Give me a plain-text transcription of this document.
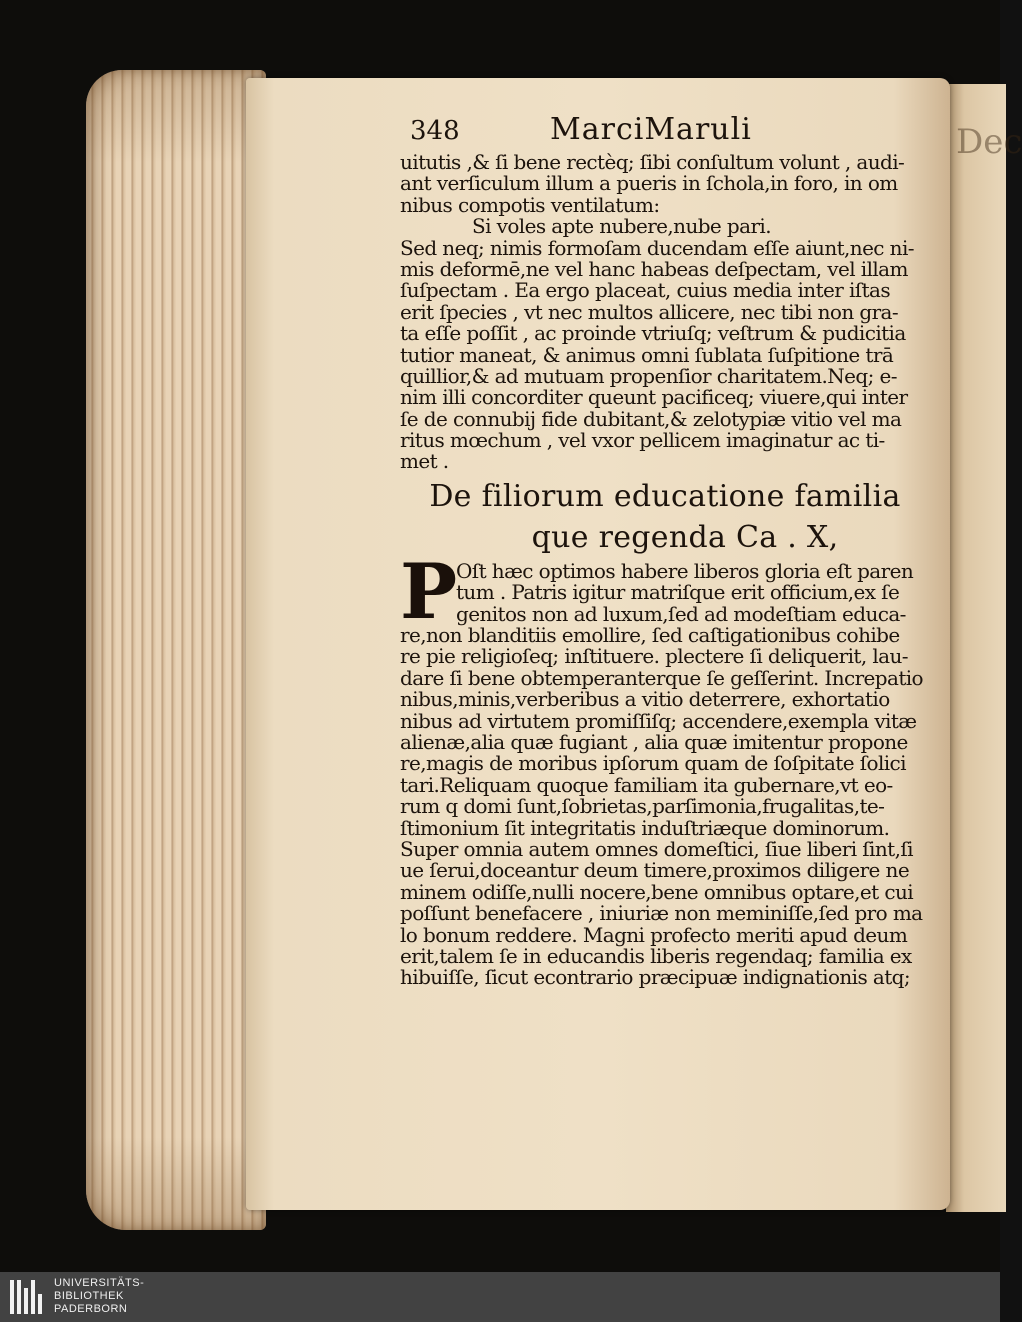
Dec
348	MarciMaruli
uitutis ,& ſi bene rectèq; ſibi conſultum volunt , audi-
ant verſiculum illum a pueris in ſchola,in foro, in om
nibus compotis ventilatum:
Si voles apte nubere,nube pari.
Sed neq; nimis formoſam ducendam eſſe aiunt,nec ni-
mis deformē,ne vel hanc habeas deſpectam, vel illam
ſuſpectam . Ea ergo placeat, cuius media inter iſtas
erit ſpecies , vt nec multos allicere, nec tibi non gra-
ta eſſe poſſit , ac proinde vtriuſq; veſtrum & pudicitia
tutior maneat, & animus omni ſublata ſuſpitione trā
quillior,& ad mutuam propenſior charitatem.Neq; e-
nim illi concorditer queunt pacificeq; viuere,qui inter
ſe de connubij fide dubitant,& zelotypiæ vitio vel ma
ritus mœchum , vel vxor pellicem imaginatur ac ti-
met .
De filiorum educatione familia
que regenda Ca . X,
P
Oſt hæc optimos habere liberos gloria eſt paren
tum . Patris igitur matriſque erit officium,ex ſe
genitos non ad luxum,ſed ad modeſtiam educa-
re,non blanditiis emollire, ſed caſtigationibus cohibe
re pie religioſeq; inſtituere. plectere ſi deliquerit, lau-
dare ſi bene obtemperanterque ſe geſſerint. Increpatio
nibus,minis,verberibus a vitio deterrere, exhortatio
nibus ad virtutem promiſſiſq; accendere,exempla vitæ
alienæ,alia quæ fugiant , alia quæ imitentur propone
re,magis de moribus ipſorum quam de ſoſpitate ſolici
tari.Reliquam quoque familiam ita gubernare,vt eo-
rum q domi ſunt,ſobrietas,parſimonia,frugalitas,te-
ſtimonium ſit integritatis induſtriæque dominorum.
Super omnia autem omnes domeſtici, ſiue liberi ſint,ſi
ue ſerui,doceantur deum timere,proximos diligere ne
minem odiſſe,nulli nocere,bene omnibus optare,et cui
poſſunt benefacere , iniuriæ non meminiſſe,ſed pro ma
lo bonum reddere. Magni profecto meriti apud deum
erit,talem ſe in educandis liberis regendaq; familia ex
hibuiſſe, ſicut econtrario præcipuæ indignationis atq;
UNIVERSITÄTS-
BIBLIOTHEK
PADERBORN
